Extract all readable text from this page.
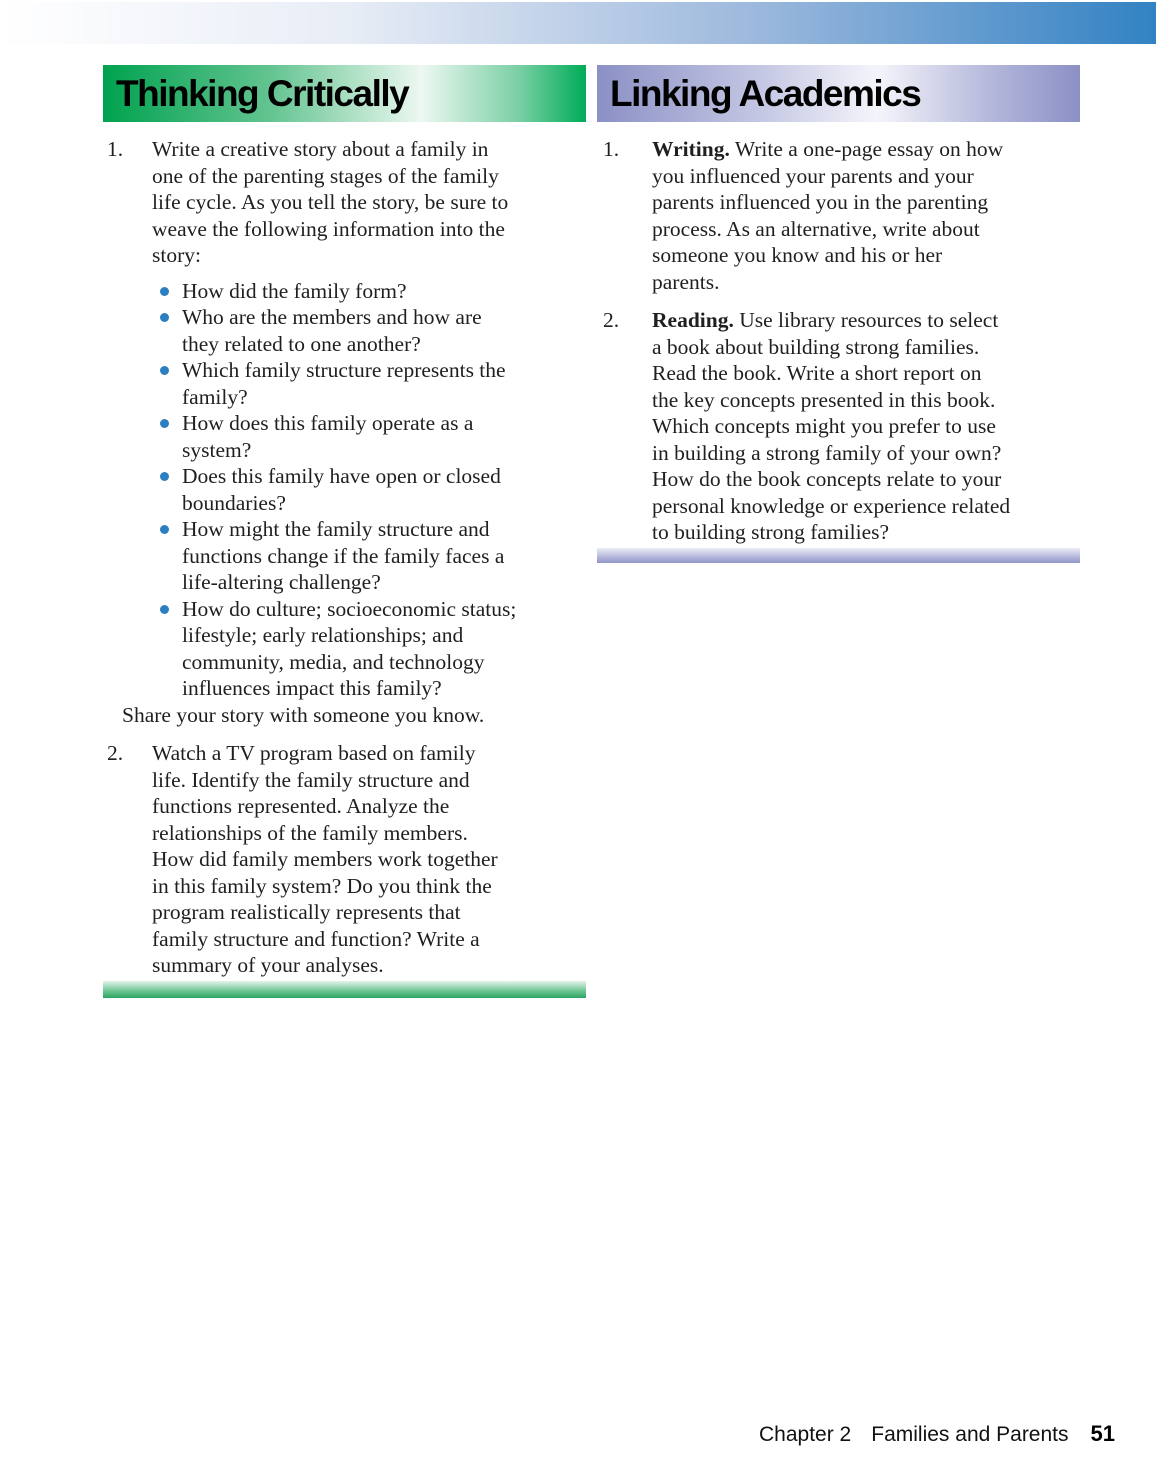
Thinking Critically
1.	Write a creative story about a family in
one of the parenting stages of the family
life cycle. As you tell the story, be sure to
weave the following information into the
story:

How did the family form?
Who are the members and how are
they related to one another?
Which family structure represents the
family?
How does this family operate as a
system?
Does this family have open or closed
boundaries?
How might the family structure and
functions change if the family faces a
life-altering challenge?
How do culture; socioeconomic status;
lifestyle; early relationships; and
community, media, and technology
influences impact this family?

Share your story with someone you know.

2.	Watch a TV program based on family
life. Identify the family structure and
functions represented. Analyze the
relationships of the family members.
How did family members work together
in this family system? Do you think the
program realistically represents that
family structure and function? Write a
summary of your analyses.

Linking Academics
1.	Writing. Write a one-page essay on how
you influenced your parents and your
parents influenced you in the parenting
process. As an alternative, write about
someone you know and his or her
parents.

2.	Reading. Use library resources to select
a book about building strong families.
Read the book. Write a short report on
the key concepts presented in this book.
Which concepts might you prefer to use
in building a strong family of your own?
How do the book concepts relate to your
personal knowledge or experience related
to building strong families?

Chapter 2 Families and Parents 51
